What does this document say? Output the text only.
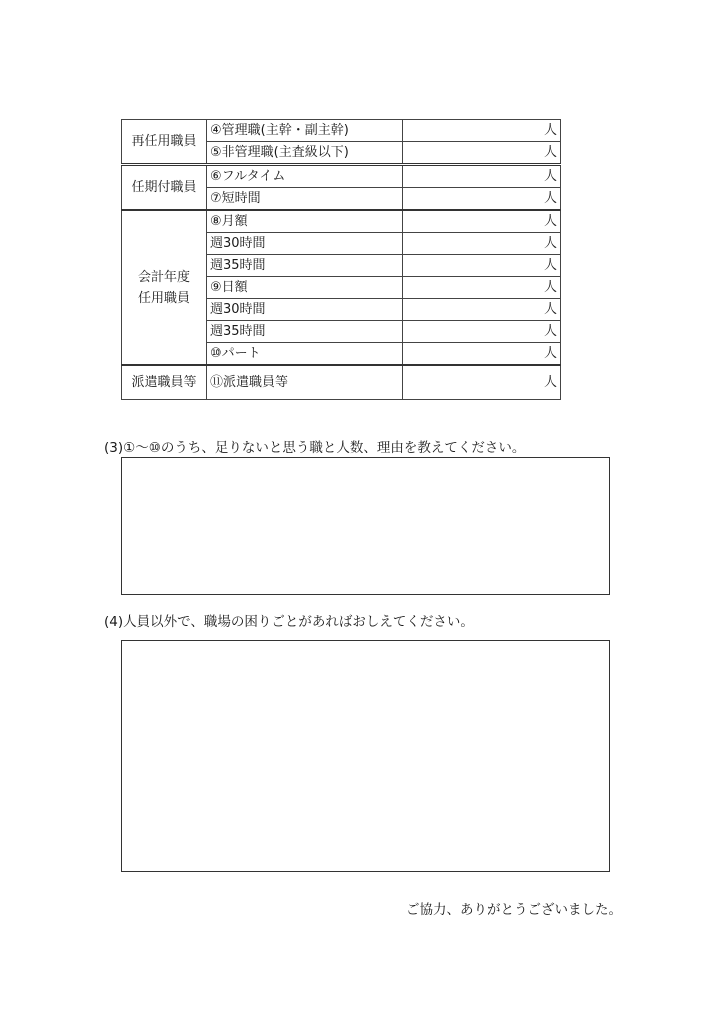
再任用職員	④管理職(主幹・副主幹)	人
	⑤非管理職(主査級以下)	人
任期付職員	⑥フルタイム	人
	⑦短時間	人
会計年度
任用職員	⑧月額	人
	週30時間	人
	週35時間	人
	⑨日額	人
	週30時間	人
	週35時間	人
	⑩パート	人
派遣職員等	⑪派遣職員等	人
(3)①～⑩のうち、足りないと思う職と人数、理由を教えてください。
(4)人員以外で、職場の困りごとがあればおしえてください。
ご協力、ありがとうございました。
